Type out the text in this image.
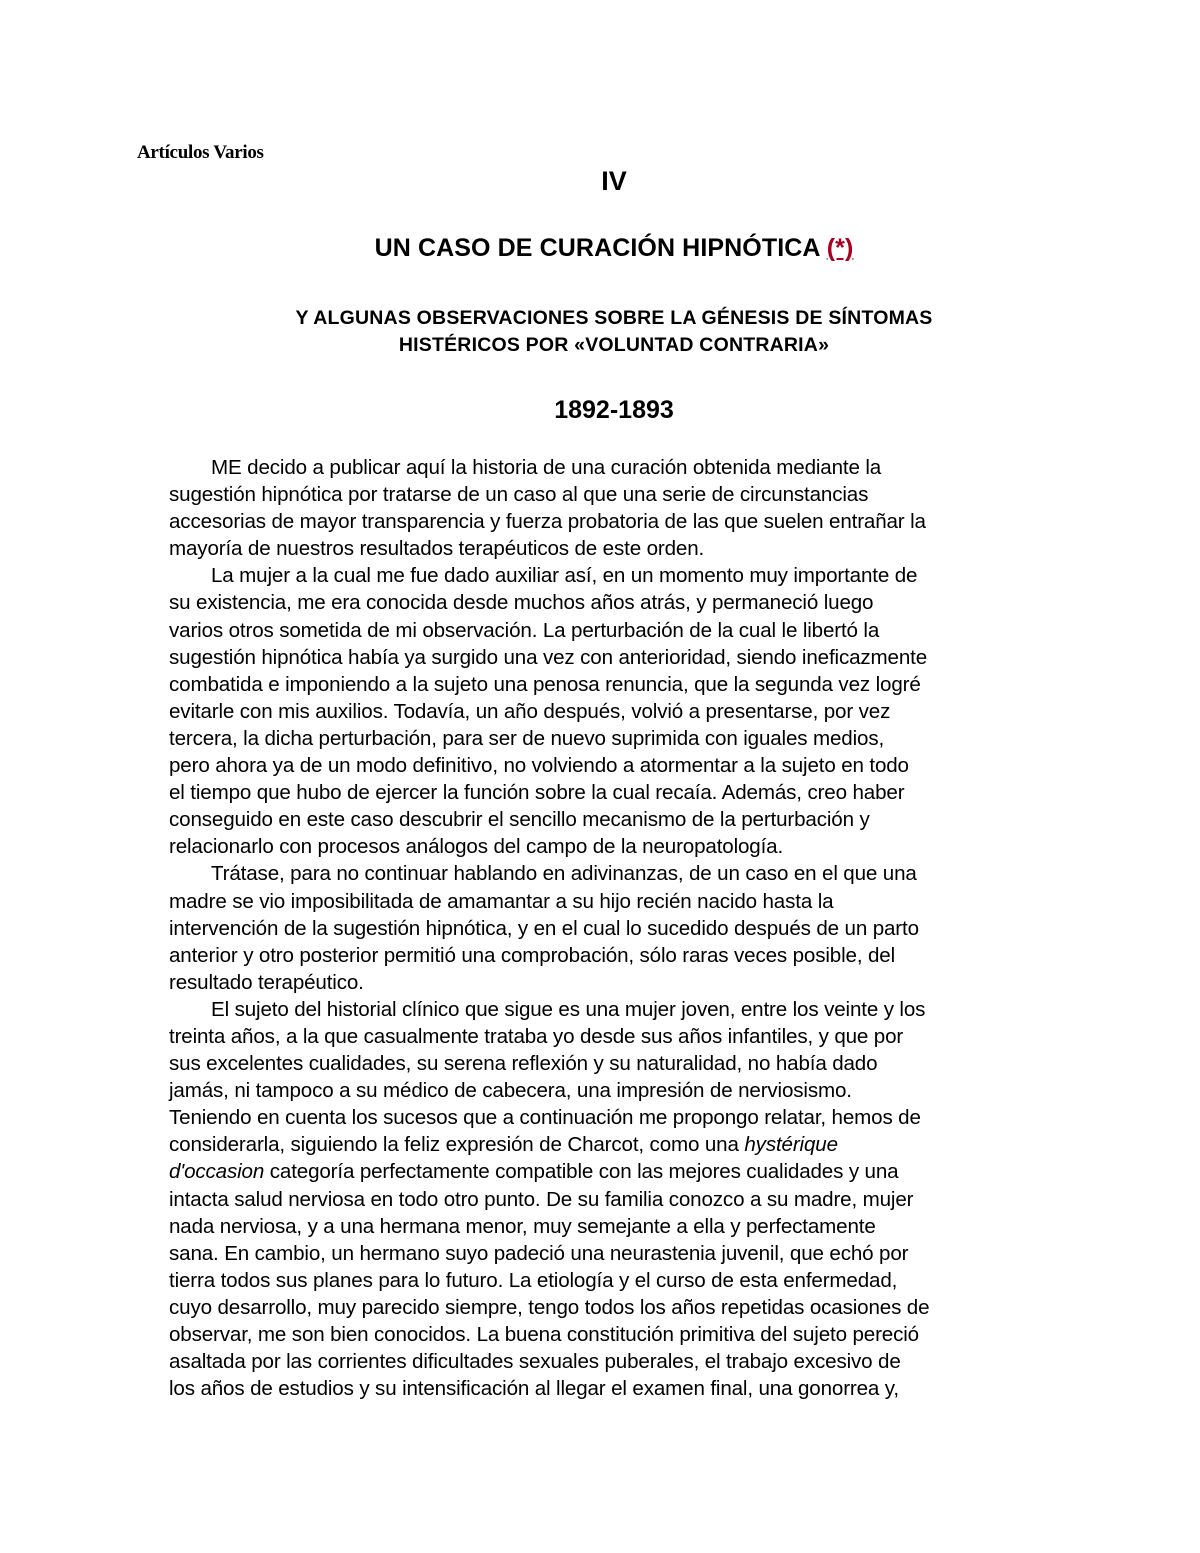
Artículos Varios
IV
UN CASO DE CURACIÓN HIPNÓTICA (*)
Y ALGUNAS OBSERVACIONES SOBRE LA GÉNESIS DE SÍNTOMAS
HISTÉRICOS POR «VOLUNTAD CONTRARIA»
1892-1893
ME decido a publicar aquí la historia de una curación obtenida mediante la
sugestión hipnótica por tratarse de un caso al que una serie de circunstancias
accesorias de mayor transparencia y fuerza probatoria de las que suelen entrañar la
mayoría de nuestros resultados terapéuticos de este orden.
La mujer a la cual me fue dado auxiliar así, en un momento muy importante de
su existencia, me era conocida desde muchos años atrás, y permaneció luego
varios otros sometida de mi observación. La perturbación de la cual le libertó la
sugestión hipnótica había ya surgido una vez con anterioridad, siendo ineficazmente
combatida e imponiendo a la sujeto una penosa renuncia, que la segunda vez logré
evitarle con mis auxilios. Todavía, un año después, volvió a presentarse, por vez
tercera, la dicha perturbación, para ser de nuevo suprimida con iguales medios,
pero ahora ya de un modo definitivo, no volviendo a atormentar a la sujeto en todo
el tiempo que hubo de ejercer la función sobre la cual recaía. Además, creo haber
conseguido en este caso descubrir el sencillo mecanismo de la perturbación y
relacionarlo con procesos análogos del campo de la neuropatología.
Trátase, para no continuar hablando en adivinanzas, de un caso en el que una
madre se vio imposibilitada de amamantar a su hijo recién nacido hasta la
intervención de la sugestión hipnótica, y en el cual lo sucedido después de un parto
anterior y otro posterior permitió una comprobación, sólo raras veces posible, del
resultado terapéutico.
El sujeto del historial clínico que sigue es una mujer joven, entre los veinte y los
treinta años, a la que casualmente trataba yo desde sus años infantiles, y que por
sus excelentes cualidades, su serena reflexión y su naturalidad, no había dado
jamás, ni tampoco a su médico de cabecera, una impresión de nerviosismo.
Teniendo en cuenta los sucesos que a continuación me propongo relatar, hemos de
considerarla, siguiendo la feliz expresión de Charcot, como una hystérique
d'occasion categoría perfectamente compatible con las mejores cualidades y una
intacta salud nerviosa en todo otro punto. De su familia conozco a su madre, mujer
nada nerviosa, y a una hermana menor, muy semejante a ella y perfectamente
sana. En cambio, un hermano suyo padeció una neurastenia juvenil, que echó por
tierra todos sus planes para lo futuro. La etiología y el curso de esta enfermedad,
cuyo desarrollo, muy parecido siempre, tengo todos los años repetidas ocasiones de
observar, me son bien conocidos. La buena constitución primitiva del sujeto pereció
asaltada por las corrientes dificultades sexuales puberales, el trabajo excesivo de
los años de estudios y su intensificación al llegar el examen final, una gonorrea y,
